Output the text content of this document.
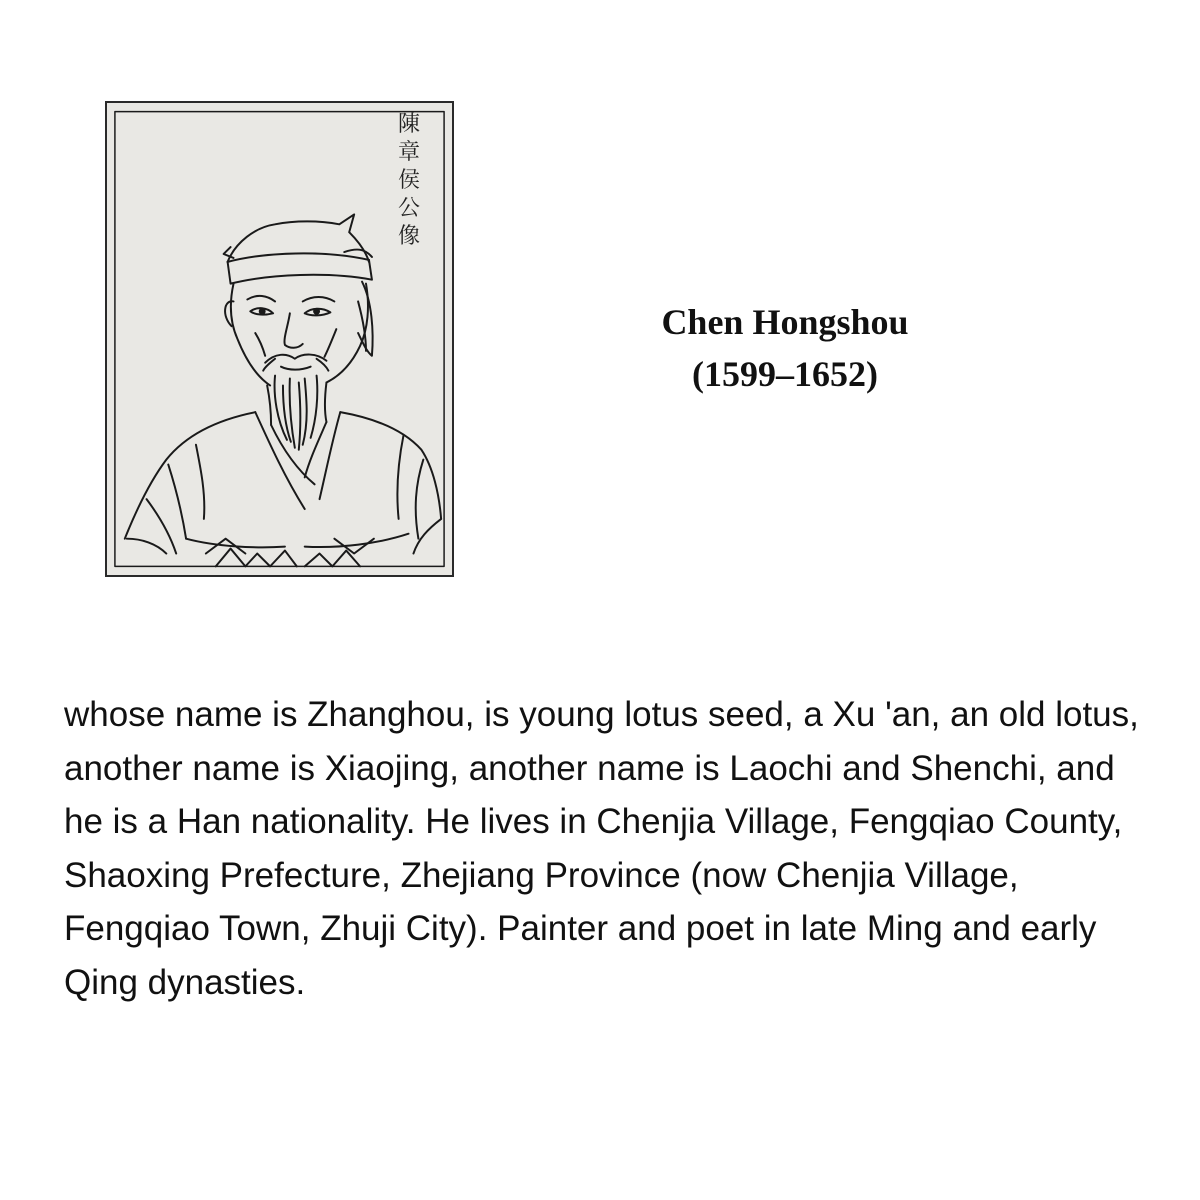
陳章侯公像
Chen Hongshou
(1599–1652)
whose name is Zhanghou, is young lotus seed, a Xu 'an, an old lotus, another name is Xiaojing, another name is Laochi and Shenchi, and he is a Han nationality. He lives in Chenjia Village, Fengqiao County, Shaoxing Prefecture, Zhejiang Province (now Chenjia Village, Fengqiao Town, Zhuji City). Painter and poet in late Ming and early Qing dynasties.
